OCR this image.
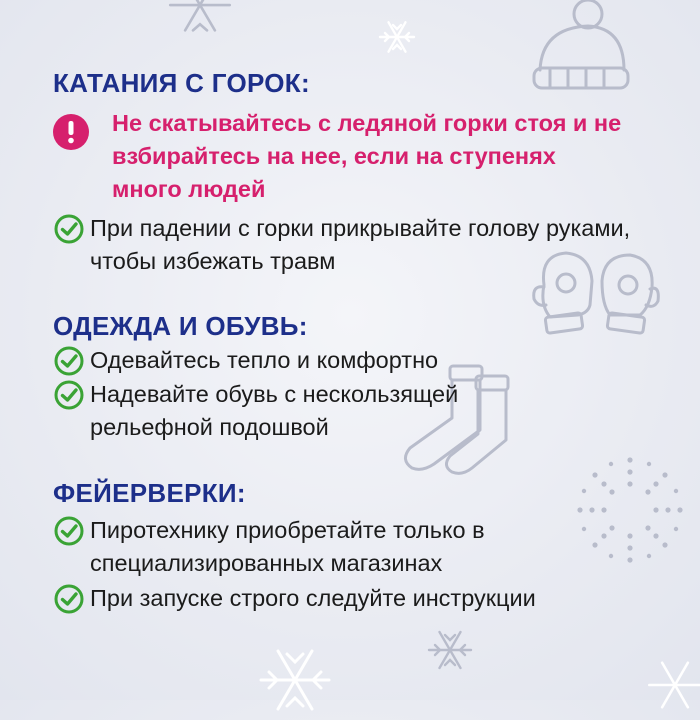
КАТАНИЯ С ГОРОК:
Не скатывайтесь с ледяной горки стоя и не взбирайтесь на нее, если на ступенях много людей
При падении с горки прикрывайте голову руками, чтобы избежать травм
ОДЕЖДА И ОБУВЬ:
Одевайтесь тепло и комфортно
Надевайте обувь с нескользящей рельефной подошвой
ФЕЙЕРВЕРКИ:
Пиротехнику приобретайте только в специализированных магазинах
При запуске строго следуйте инструкции
